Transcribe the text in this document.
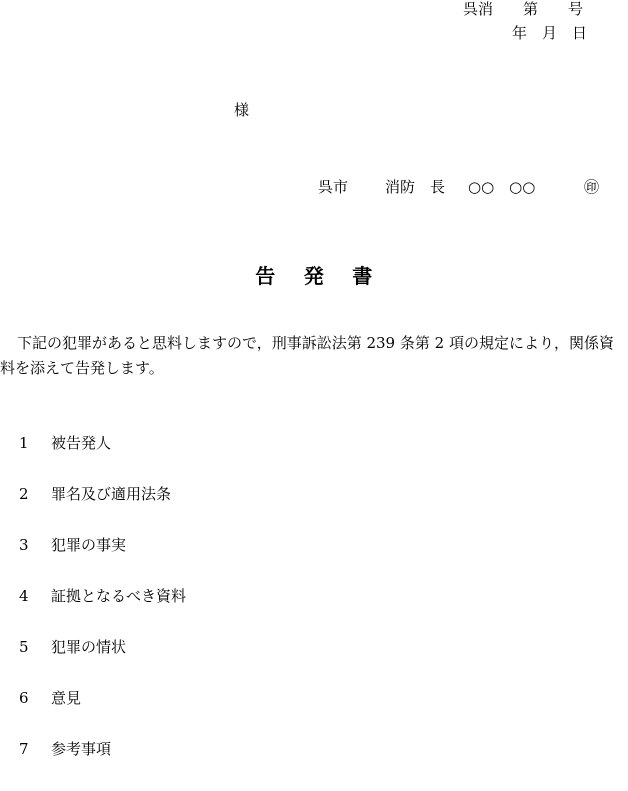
呉消　　第　　号
年　月　日
様
呉市 消防　長 ○○　○○	㊞
告 発 書
下記の犯罪があると思料しますので，刑事訴訟法第 239 条第 2 項の規定により，関係資料を添えて告発します。
1 被告発人
2 罪名及び適用法条
3 犯罪の事実
4 証拠となるべき資料
5 犯罪の情状
6 意見
7 参考事項
